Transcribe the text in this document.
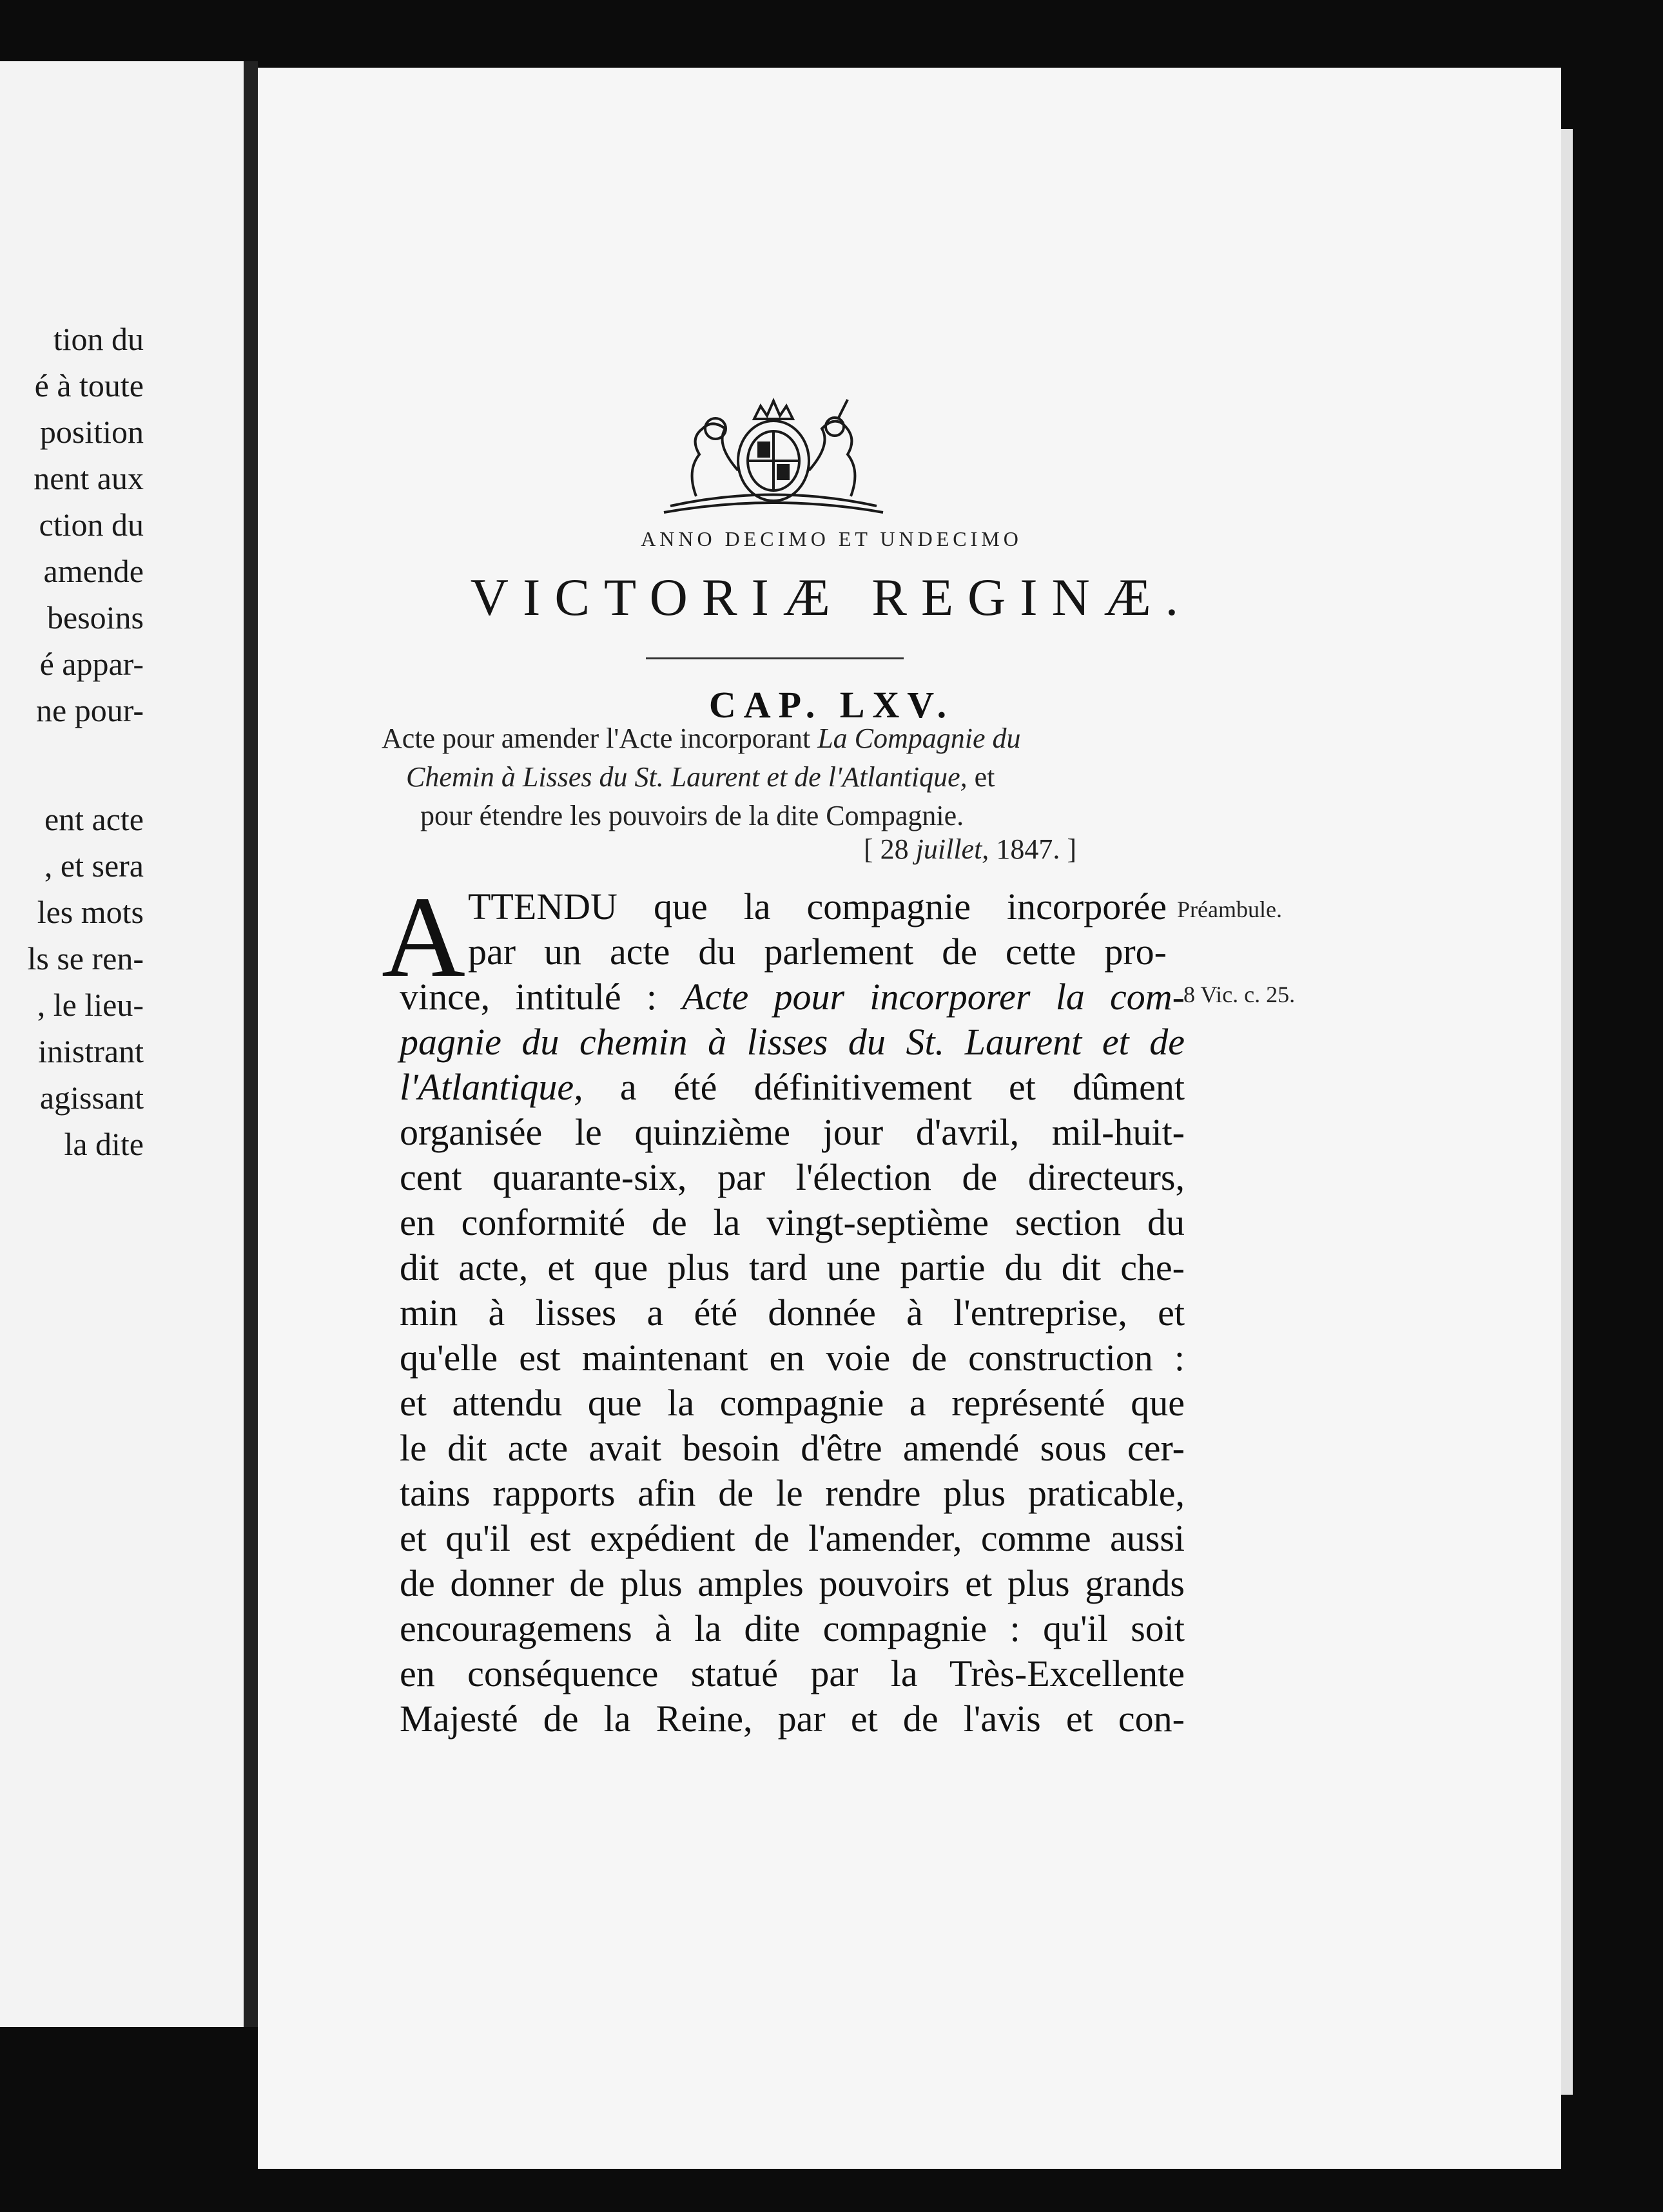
tion du
é à toute
position
nent aux
ction du
amende
besoins
é appar-
ne pour-
ent acte
, et sera
les mots
ls se ren-
, le lieu-
inistrant
agissant
la dite
ANNO DECIMO ET UNDECIMO
VICTORIÆ REGINÆ.
CAP. LXV.
Acte pour amender l'Acte incorporant La Compagnie du
Chemin à Lisses du St. Laurent et de l'Atlantique, et
pour étendre les pouvoirs de la dite Compagnie.
[ 28 juillet, 1847. ]
Préambule.
8 Vic. c. 25.
A TTENDU que la compagnie incorporée
par un acte du parlement de cette pro-
vince, intitulé : Acte pour incorporer la com-
pagnie du chemin à lisses du St. Laurent et de
l'Atlantique, a été définitivement et dûment
organisée le quinzième jour d'avril, mil-huit-
cent quarante-six, par l'élection de directeurs,
en conformité de la vingt-septième section du
dit acte, et que plus tard une partie du dit che-
min à lisses a été donnée à l'entreprise, et
qu'elle est maintenant en voie de construction :
et attendu que la compagnie a représenté que
le dit acte avait besoin d'être amendé sous cer-
tains rapports afin de le rendre plus praticable,
et qu'il est expédient de l'amender, comme aussi
de donner de plus amples pouvoirs et plus grands
encouragemens à la dite compagnie : qu'il soit
en conséquence statué par la Très-Excellente
Majesté de la Reine, par et de l'avis et con-
